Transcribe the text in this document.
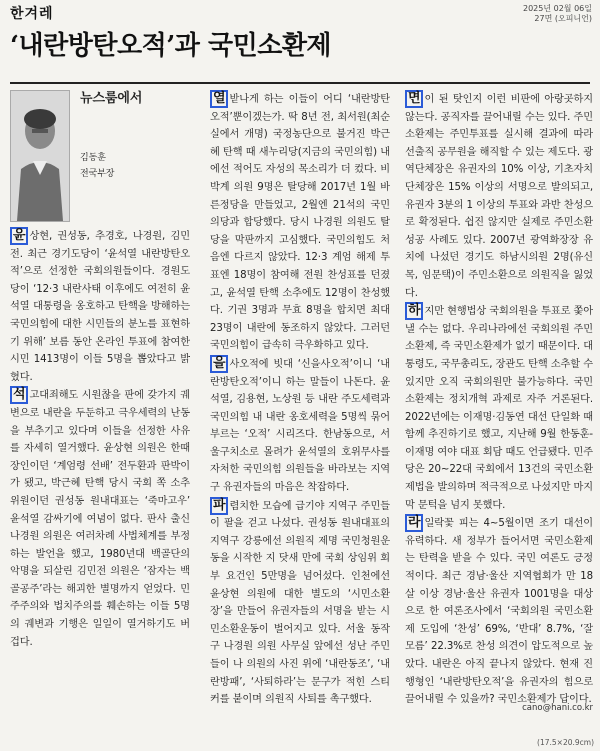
한겨레	2025년 02월 06일
27면 (오피니언)
‘내란방탄오적’과 국민소환제
뉴스룸에서
김동훈
전국부장

윤 상현, 권성동, 추경호, 나경원, 김민전. 최근 경기도당이 ‘윤석열 내란방탄오적’으로 선정한 국회의원들이다. 경원도당이 ‘12·3 내란사태 이후에도 여전히 윤석열 대통령을 옹호하고 탄핵을 방해하는 국민의힘에 대한 시민들의 분노를 표현하기 위해’ 보름 동안 온라인 투표에 참여한 시민 1413명이 이들 5명을 뽑았다고 밝혔다.

석 고대죄해도 시원찮을 판에 갖가지 궤변으로 내란을 두둔하고 극우세력의 난동을 부추기고 있다며 이들을 선정한 사유를 자세히 열거했다. 윤상현 의원은 한때 장인이던 ‘계엄령 선배’ 전두환과 판박이가 됐고, 박근혜 탄핵 당시 국회 쪽 소추위원이던 권성동 원내대표는 ‘죽마고우’ 윤석열 감싸기에 여념이 없다. 판사 출신 나경원 의원은 여러차례 사법체계를 부정하는 발언을 했고, 1980년대 백골단의 악명을 되살린 김민전 의원은 ‘잠자는 백골공주’라는 해괴한 별명까지 얻었다. 민주주의와 법치주의를 훼손하는 이들 5명의 궤변과 기행은 일일이 열거하기도 버겁다.

열 받나게 하는 이들이 어디 ‘내란방탄오적’뿐이겠는가. 딱 8년 전, 최서원(최순실에서 개명) 국정농단으로 불거진 박근혜 탄핵 때 새누리당(지금의 국민의힘) 내에선 적어도 자성의 목소리가 더 컸다. 비박계 의원 9명은 탈당해 2017년 1월 바른정당을 만들었고, 2월엔 21석의 국민의당과 합당했다. 당시 나경원 의원도 탈당을 막판까지 고심했다. 국민의힘도 처음엔 다르지 않았다. 12·3 계엄 해제 투표엔 18명이 참여해 전원 찬성표를 던졌고, 윤석열 탄핵 소추에도 12명이 찬성했다. 기권 3명과 무효 8명을 합치면 최대 23명이 내란에 동조하지 않았다. 그러던 국민의힘이 급속히 극우화하고 있다.

을 사오적에 빗대 ‘신을사오적’이니 ‘내란방탄오적’이니 하는 말들이 나돈다. 윤석열, 김용현, 노상원 등 내란 주도세력과 국민의힘 내 내란 옹호세력을 5명씩 묶어 부르는 ‘오적’ 시리즈다. 한남동으로, 서울구치소로 몰려가 윤석열의 호위무사를 자처한 국민의힘 의원들을 바라보는 지역구 유권자들의 마음은 착잡하다.

파 렴치한 모습에 급기야 지역구 주민들이 팔을 걷고 나섰다. 권성동 원내대표의 지역구 강릉에선 의원직 제명 국민청원운동을 시작한 지 닷새 만에 국회 상임위 회부 요건인 5만명을 넘어섰다. 인천에선 윤상현 의원에 대한 별도의 ‘시민소환장’을 만들어 유권자들의 서명을 받는 시민소환운동이 벌어지고 있다. 서울 동작구 나경원 의원 사무실 앞에선 성난 주민들이 나 의원의 사진 위에 ‘내란동조’, ‘내란방패’, ‘사퇴하라’는 문구가 적힌 스티커를 붙이며 의원직 사퇴를 촉구했다.

면 이 된 탓인지 이런 비판에 아랑곳하지 않는다. 공직자를 끌어내릴 수는 있다. 주민소환제는 주민투표를 실시해 결과에 따라 선출직 공무원을 해직할 수 있는 제도다. 광역단체장은 유권자의 10% 이상, 기초자치단체장은 15% 이상의 서명으로 발의되고, 유권자 3분의 1 이상의 투표와 과반 찬성으로 확정된다. 쉽진 않지만 실제로 주민소환 성공 사례도 있다. 2007년 광역화장장 유치에 나섰던 경기도 하남시의원 2명(유신목, 임문택)이 주민소환으로 의원직을 잃었다.

하 지만 현행법상 국회의원을 투표로 쫓아낼 수는 없다. 우리나라에선 국회의원 주민소환제, 즉 국민소환제가 없기 때문이다. 대통령도, 국무총리도, 장관도 탄핵 소추할 수 있지만 오직 국회의원만 불가능하다. 국민소환제는 정치개혁 과제로 자주 거론된다. 2022년에는 이재명·김동연 대선 단일화 때 함께 추진하기로 했고, 지난해 9월 한동훈-이재명 여야 대표 회담 때도 언급됐다. 민주당은 20~22대 국회에서 13건의 국민소환제법을 발의하며 적극적으로 나섰지만 마지막 문턱을 넘지 못했다.

라 일락꽃 피는 4~5월이면 조기 대선이 유력하다. 새 정부가 들어서면 국민소환제는 탄력을 받을 수 있다. 국민 여론도 긍정적이다. 최근 경남·울산 지역협회가 만 18살 이상 경남·울산 유권자 1001명을 대상으로 한 여론조사에서 ‘국회의원 국민소환제 도입에 ‘찬성’ 69%, ‘반대’ 8.7%, ‘잘 모름’ 22.3%로 찬성 의견이 압도적으로 높았다. 내란은 아직 끝나지 않았다. 현재 진행형인 ‘내란방탄오적’을 유권자의 힘으로 끌어내릴 수 있을까? 국민소환제가 답이다.

cano@hani.co.kr
(17.5×20.9cm)
